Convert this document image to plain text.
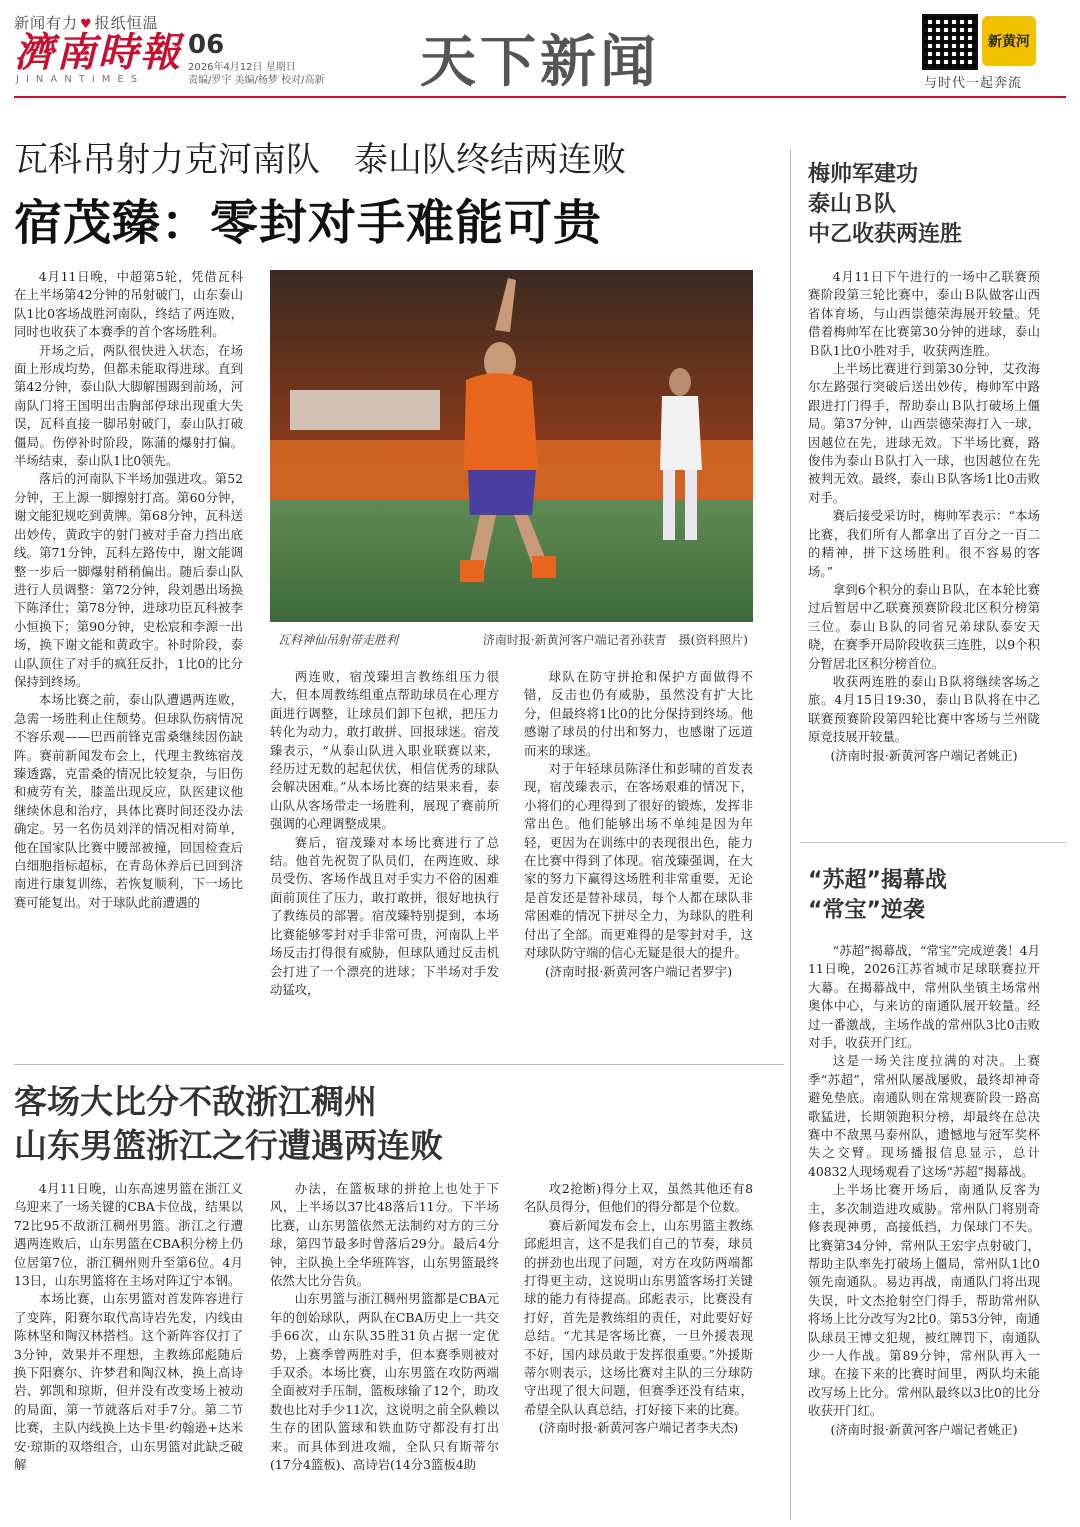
新闻有力 ♥ 报纸恒温
濟南時報
JINANTIMES
06
2026年4月12日 星期日
责编/罗宇 美编/杨梦 校对/高新 天下新闻	新黄河
与时代一起奔流
瓦科吊射力克河南队　泰山队终结两连败
宿茂臻：零封对手难能可贵

4月11日晚，中超第5轮，凭借瓦科在上半场第42分钟的吊射破门，山东泰山队1比0客场战胜河南队，终结了两连败，同时也收获了本赛季的首个客场胜利。

开场之后，两队很快进入状态，在场面上形成均势，但都未能取得进球。直到第42分钟，泰山队大脚解围踢到前场，河南队门将王国明出击胸部停球出现重大失误，瓦科直接一脚吊射破门，泰山队打破僵局。伤停补时阶段，陈蒲的爆射打偏。半场结束，泰山队1比0领先。

落后的河南队下半场加强进攻。第52分钟，王上源一脚擦射打高。第60分钟，谢文能犯规吃到黄牌。第68分钟，瓦科送出妙传，黄政宇的射门被对手奋力挡出底线。第71分钟，瓦科左路传中，谢文能调整一步后一脚爆射稍稍偏出。随后泰山队进行人员调整：第72分钟，段刘愚出场换下陈泽仕；第78分钟，进球功臣瓦科被李小恒换下；第90分钟，史松宸和李源一出场，换下谢文能和黄政宇。补时阶段，泰山队顶住了对手的疯狂反扑，1比0的比分保持到终场。

本场比赛之前，泰山队遭遇两连败，急需一场胜利止住颓势。但球队伤病情况不容乐观——巴西前锋克雷桑继续因伤缺阵。赛前新闻发布会上，代理主教练宿茂臻透露，克雷桑的情况比较复杂，与旧伤和疲劳有关，膝盖出现反应，队医建议他继续休息和治疗，具体比赛时间还没办法确定。另一名伤员刘洋的情况相对简单，他在国家队比赛中腰部被撞，回国检查后白细胞指标超标，在青岛休养后已回到济南进行康复训练，若恢复顺利，下一场比赛可能复出。对于球队此前遭遇的

瓦科神仙吊射带走胜利	济南时报·新黄河客户端记者孙获青　摄(资料照片)

两连败，宿茂臻坦言教练组压力很大，但本周教练组重点帮助球员在心理方面进行调整，让球员们卸下包袱，把压力转化为动力，敢打敢拼、回报球迷。宿茂臻表示，“从泰山队进入职业联赛以来，经历过无数的起起伏伏，相信优秀的球队会解决困难。”从本场比赛的结果来看，泰山队从客场带走一场胜利，展现了赛前所强调的心理调整成果。

赛后，宿茂臻对本场比赛进行了总结。他首先祝贺了队员们，在两连败、球员受伤、客场作战且对手实力不俗的困难面前顶住了压力，敢打敢拼，很好地执行了教练员的部署。宿茂臻特别提到，本场比赛能够零封对手非常可贵，河南队上半场反击打得很有威胁，但球队通过反击机会打进了一个漂亮的进球；下半场对手发动猛攻，

球队在防守拼抢和保护方面做得不错，反击也仍有威胁，虽然没有扩大比分，但最终将1比0的比分保持到终场。他感谢了球员的付出和努力，也感谢了远道而来的球迷。

对于年轻球员陈泽仕和彭啸的首发表现，宿茂臻表示，在客场艰难的情况下，小将们的心理得到了很好的锻炼，发挥非常出色。他们能够出场不单纯是因为年轻，更因为在训练中的表现很出色，能力在比赛中得到了体现。宿茂臻强调，在大家的努力下赢得这场胜利非常重要，无论是首发还是替补球员，每个人都在球队非常困难的情况下拼尽全力，为球队的胜利付出了全部。而更难得的是零封对手，这对球队防守端的信心无疑是很大的提升。

(济南时报·新黄河客户端记者罗宇)

客场大比分不敌浙江稠州
山东男篮浙江之行遭遇两连败

4月11日晚，山东高速男篮在浙江义乌迎来了一场关键的CBA卡位战，结果以72比95不敌浙江稠州男篮。浙江之行遭遇两连败后，山东男篮在CBA积分榜上仍位居第7位，浙江稠州则升至第6位。4月13日，山东男篮将在主场对阵辽宁本钢。

本场比赛，山东男篮对首发阵容进行了变阵，阳赛尔取代高诗岩先发，内线由陈林坚和陶汉林搭档。这个新阵容仅打了3分钟，效果并不理想，主教练邱彪随后换下阳赛尔、许梦君和陶汉林，换上高诗岩、郭凯和琼斯，但并没有改变场上被动的局面，第一节就落后对手7分。第二节比赛，主队内线换上达卡里·约翰逊+达米安·琼斯的双塔组合，山东男篮对此缺乏破解

办法，在篮板球的拼抢上也处于下风，上半场以37比48落后11分。下半场比赛，山东男篮依然无法制约对方的三分球，第四节最多时曾落后29分。最后4分钟，主队换上全华班阵容，山东男篮最终依然大比分告负。

山东男篮与浙江稠州男篮都是CBA元年的创始球队，两队在CBA历史上一共交手66次，山东队35胜31负占据一定优势，上赛季曾两胜对手，但本赛季则被对手双杀。本场比赛，山东男篮在攻防两端全面被对手压制，篮板球输了12个，助攻数也比对手少11次，这说明之前全队赖以生存的团队篮球和铁血防守都没有打出来。而具体到进攻端，全队只有斯蒂尔(17分4篮板)、高诗岩(14分3篮板4助

攻2抢断)得分上双，虽然其他还有8名队员得分，但他们的得分都是个位数。

赛后新闻发布会上，山东男篮主教练邱彪坦言，这不是我们自己的节奏，球员的拼劲也出现了问题，对方在攻防两端都打得更主动，这说明山东男篮客场打关键球的能力有待提高。邱彪表示，比赛没有打好，首先是教练组的责任，对此要好好总结。“尤其是客场比赛，一旦外援表现不好，国内球员敢于发挥很重要。”外援斯蒂尔则表示，这场比赛对主队的三分球防守出现了很大问题，但赛季还没有结束，希望全队认真总结，打好接下来的比赛。

(济南时报·新黄河客户端记者李夫杰)

梅帅军建功
泰山Ｂ队
中乙收获两连胜

4月11日下午进行的一场中乙联赛预赛阶段第三轮比赛中，泰山Ｂ队做客山西省体育场，与山西崇德荣海展开较量。凭借着梅帅军在比赛第30分钟的进球，泰山Ｂ队1比0小胜对手，收获两连胜。

上半场比赛进行到第30分钟，艾孜海尔左路强行突破后送出妙传，梅帅军中路跟进打门得手，帮助泰山Ｂ队打破场上僵局。第37分钟，山西崇德荣海打入一球，因越位在先，进球无效。下半场比赛，路俊伟为泰山Ｂ队打入一球，也因越位在先被判无效。最终，泰山Ｂ队客场1比0击败对手。

赛后接受采访时，梅帅军表示：“本场比赛，我们所有人都拿出了百分之一百二的精神，拼下这场胜利。很不容易的客场。”

拿到6个积分的泰山Ｂ队，在本轮比赛过后暂居中乙联赛预赛阶段北区积分榜第三位。泰山Ｂ队的同省兄弟球队泰安天晓，在赛季开局阶段收获三连胜，以9个积分暂居北区积分榜首位。

收获两连胜的泰山Ｂ队将继续客场之旅。4月15日19:30，泰山Ｂ队将在中乙联赛预赛阶段第四轮比赛中客场与兰州陇原竞技展开较量。

(济南时报·新黄河客户端记者姚正)

“苏超”揭幕战
“常宝”逆袭

“苏超”揭幕战，“常宝”完成逆袭！4月11日晚，2026江苏省城市足球联赛拉开大幕。在揭幕战中，常州队坐镇主场常州奥体中心，与来访的南通队展开较量。经过一番激战，主场作战的常州队3比0击败对手，收获开门红。

这是一场关注度拉满的对决。上赛季“苏超”，常州队屡战屡败，最终却神奇避免垫底。南通队则在常规赛阶段一路高歌猛进，长期领跑积分榜，却最终在总决赛中不敌黑马泰州队，遗憾地与冠军奖杯失之交臂。现场播报信息显示，总计40832人现场观看了这场“苏超”揭幕战。

上半场比赛开场后，南通队反客为主，多次制造进攻威胁。常州队门将别奇修表现神勇，高接低挡，力保球门不失。比赛第34分钟，常州队王宏宇点射破门，帮助主队率先打破场上僵局，常州队1比0领先南通队。易边再战，南通队门将出现失误，叶文杰抢射空门得手，帮助常州队将场上比分改写为2比0。第53分钟，南通队球员王博文犯规，被红牌罚下，南通队少一人作战。第89分钟，常州队再入一球。在接下来的比赛时间里，两队均未能改写场上比分。常州队最终以3比0的比分收获开门红。

(济南时报·新黄河客户端记者姚正)
